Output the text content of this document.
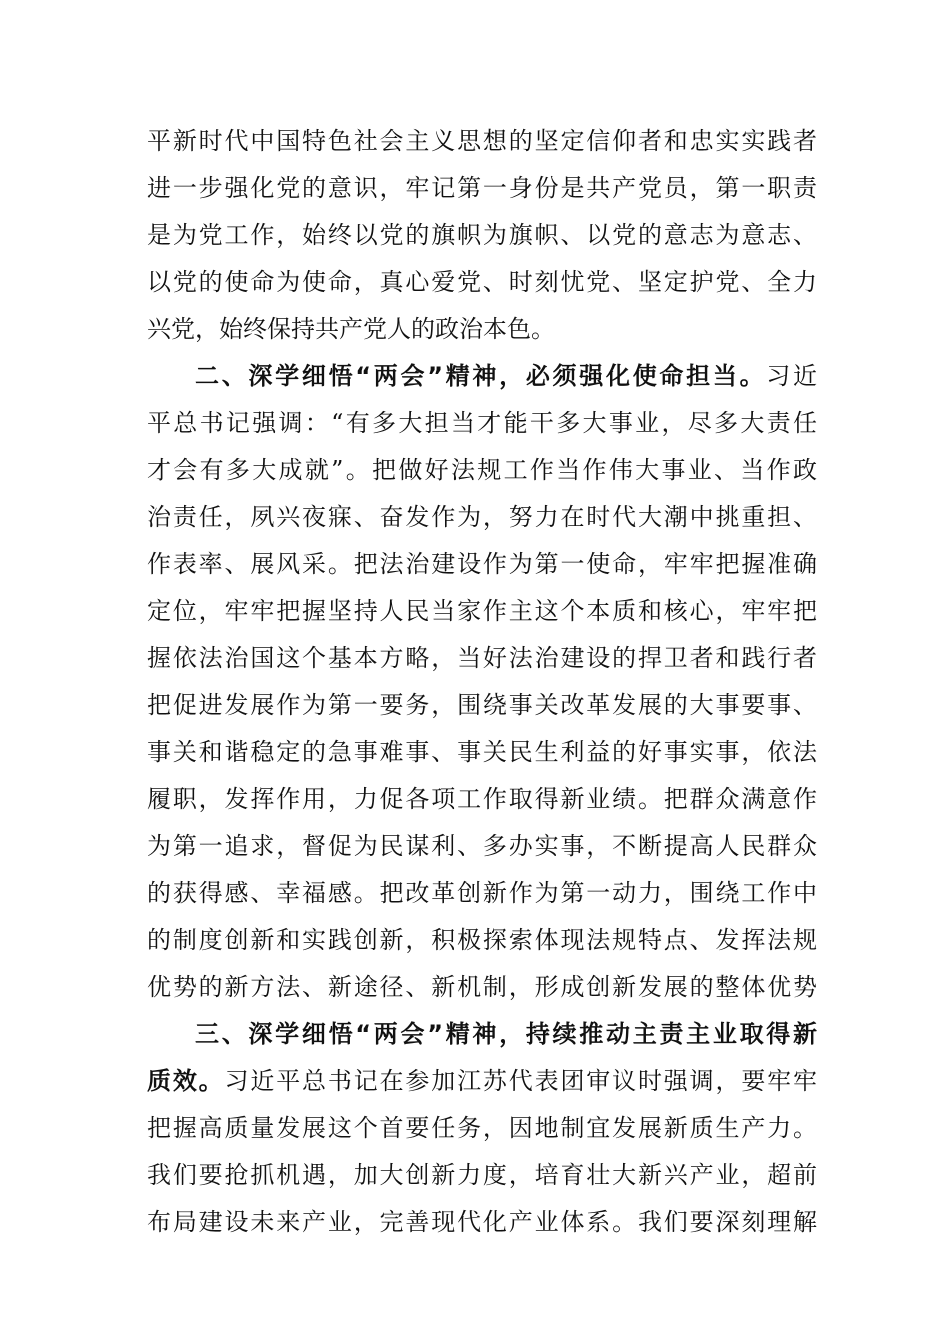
平新时代中国特色社会主义思想的坚定信仰者和忠实实践者
进一步强化党的意识，牢记第一身份是共产党员，第一职责
是为党工作，始终以党的旗帜为旗帜、以党的意志为意志、
以党的使命为使命，真心爱党、时刻忧党、坚定护党、全力
兴党，始终保持共产党人的政治本色。
二、深学细悟“两会”精神，必须强化使命担当。习近
平总书记强调：“有多大担当才能干多大事业，尽多大责任
才会有多大成就”。把做好法规工作当作伟大事业、当作政
治责任，夙兴夜寐、奋发作为，努力在时代大潮中挑重担、
作表率、展风采。把法治建设作为第一使命，牢牢把握准确
定位，牢牢把握坚持人民当家作主这个本质和核心，牢牢把
握依法治国这个基本方略，当好法治建设的捍卫者和践行者
把促进发展作为第一要务，围绕事关改革发展的大事要事、
事关和谐稳定的急事难事、事关民生利益的好事实事，依法
履职，发挥作用，力促各项工作取得新业绩。把群众满意作
为第一追求，督促为民谋利、多办实事，不断提高人民群众
的获得感、幸福感。把改革创新作为第一动力，围绕工作中
的制度创新和实践创新，积极探索体现法规特点、发挥法规
优势的新方法、新途径、新机制，形成创新发展的整体优势
三、深学细悟“两会”精神，持续推动主责主业取得新
质效。习近平总书记在参加江苏代表团审议时强调，要牢牢
把握高质量发展这个首要任务，因地制宜发展新质生产力。
我们要抢抓机遇，加大创新力度，培育壮大新兴产业，超前
布局建设未来产业，完善现代化产业体系。我们要深刻理解
